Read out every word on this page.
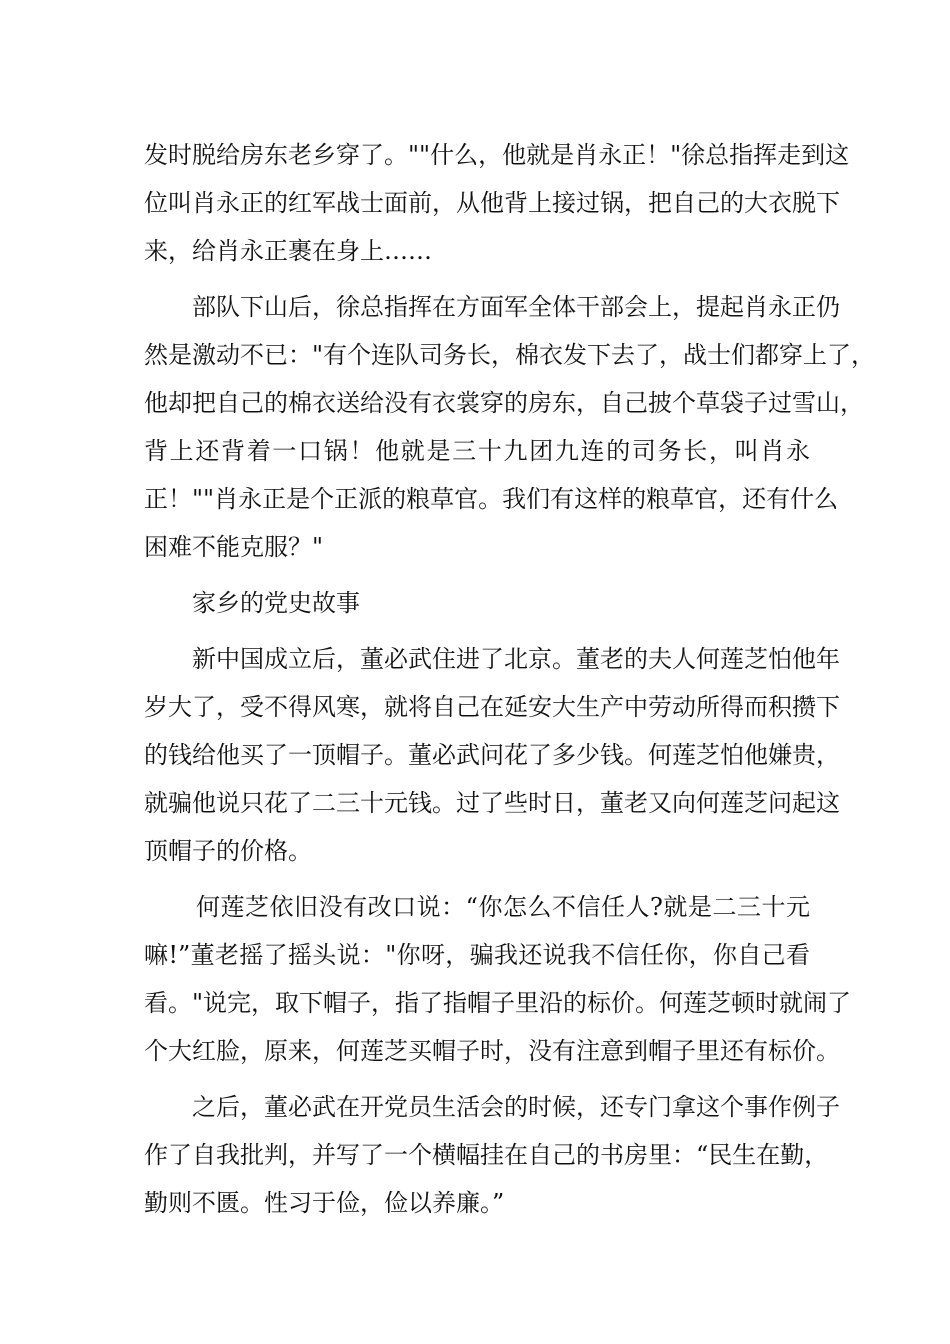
发时脱给房东老乡穿了。""什么，他就是肖永正！"徐总指挥走到这
位叫肖永正的红军战士面前，从他背上接过锅，把自己的大衣脱下
来，给肖永正裹在身上……
部队下山后，徐总指挥在方面军全体干部会上，提起肖永正仍
然是激动不已："有个连队司务长，棉衣发下去了，战士们都穿上了，
他却把自己的棉衣送给没有衣裳穿的房东，自己披个草袋子过雪山，
背上还背着一口锅！他就是三十九团九连的司务长，叫肖永
正！""肖永正是个正派的粮草官。我们有这样的粮草官，还有什么
困难不能克服？"
家乡的党史故事
新中国成立后，董必武住进了北京。董老的夫人何莲芝怕他年
岁大了，受不得风寒，就将自己在延安大生产中劳动所得而积攒下
的钱给他买了一顶帽子。董必武问花了多少钱。何莲芝怕他嫌贵，
就骗他说只花了二三十元钱。过了些时日，董老又向何莲芝问起这
顶帽子的价格。
何莲芝依旧没有改口说：“你怎么不信任人?就是二三十元
嘛!”董老摇了摇头说："你呀，骗我还说我不信任你，你自己看
看。"说完，取下帽子，指了指帽子里沿的标价。何莲芝顿时就闹了
个大红脸，原来，何莲芝买帽子时，没有注意到帽子里还有标价。
之后，董必武在开党员生活会的时候，还专门拿这个事作例子
作了自我批判，并写了一个横幅挂在自己的书房里：“民生在勤，
勤则不匮。性习于俭，俭以养廉。”
